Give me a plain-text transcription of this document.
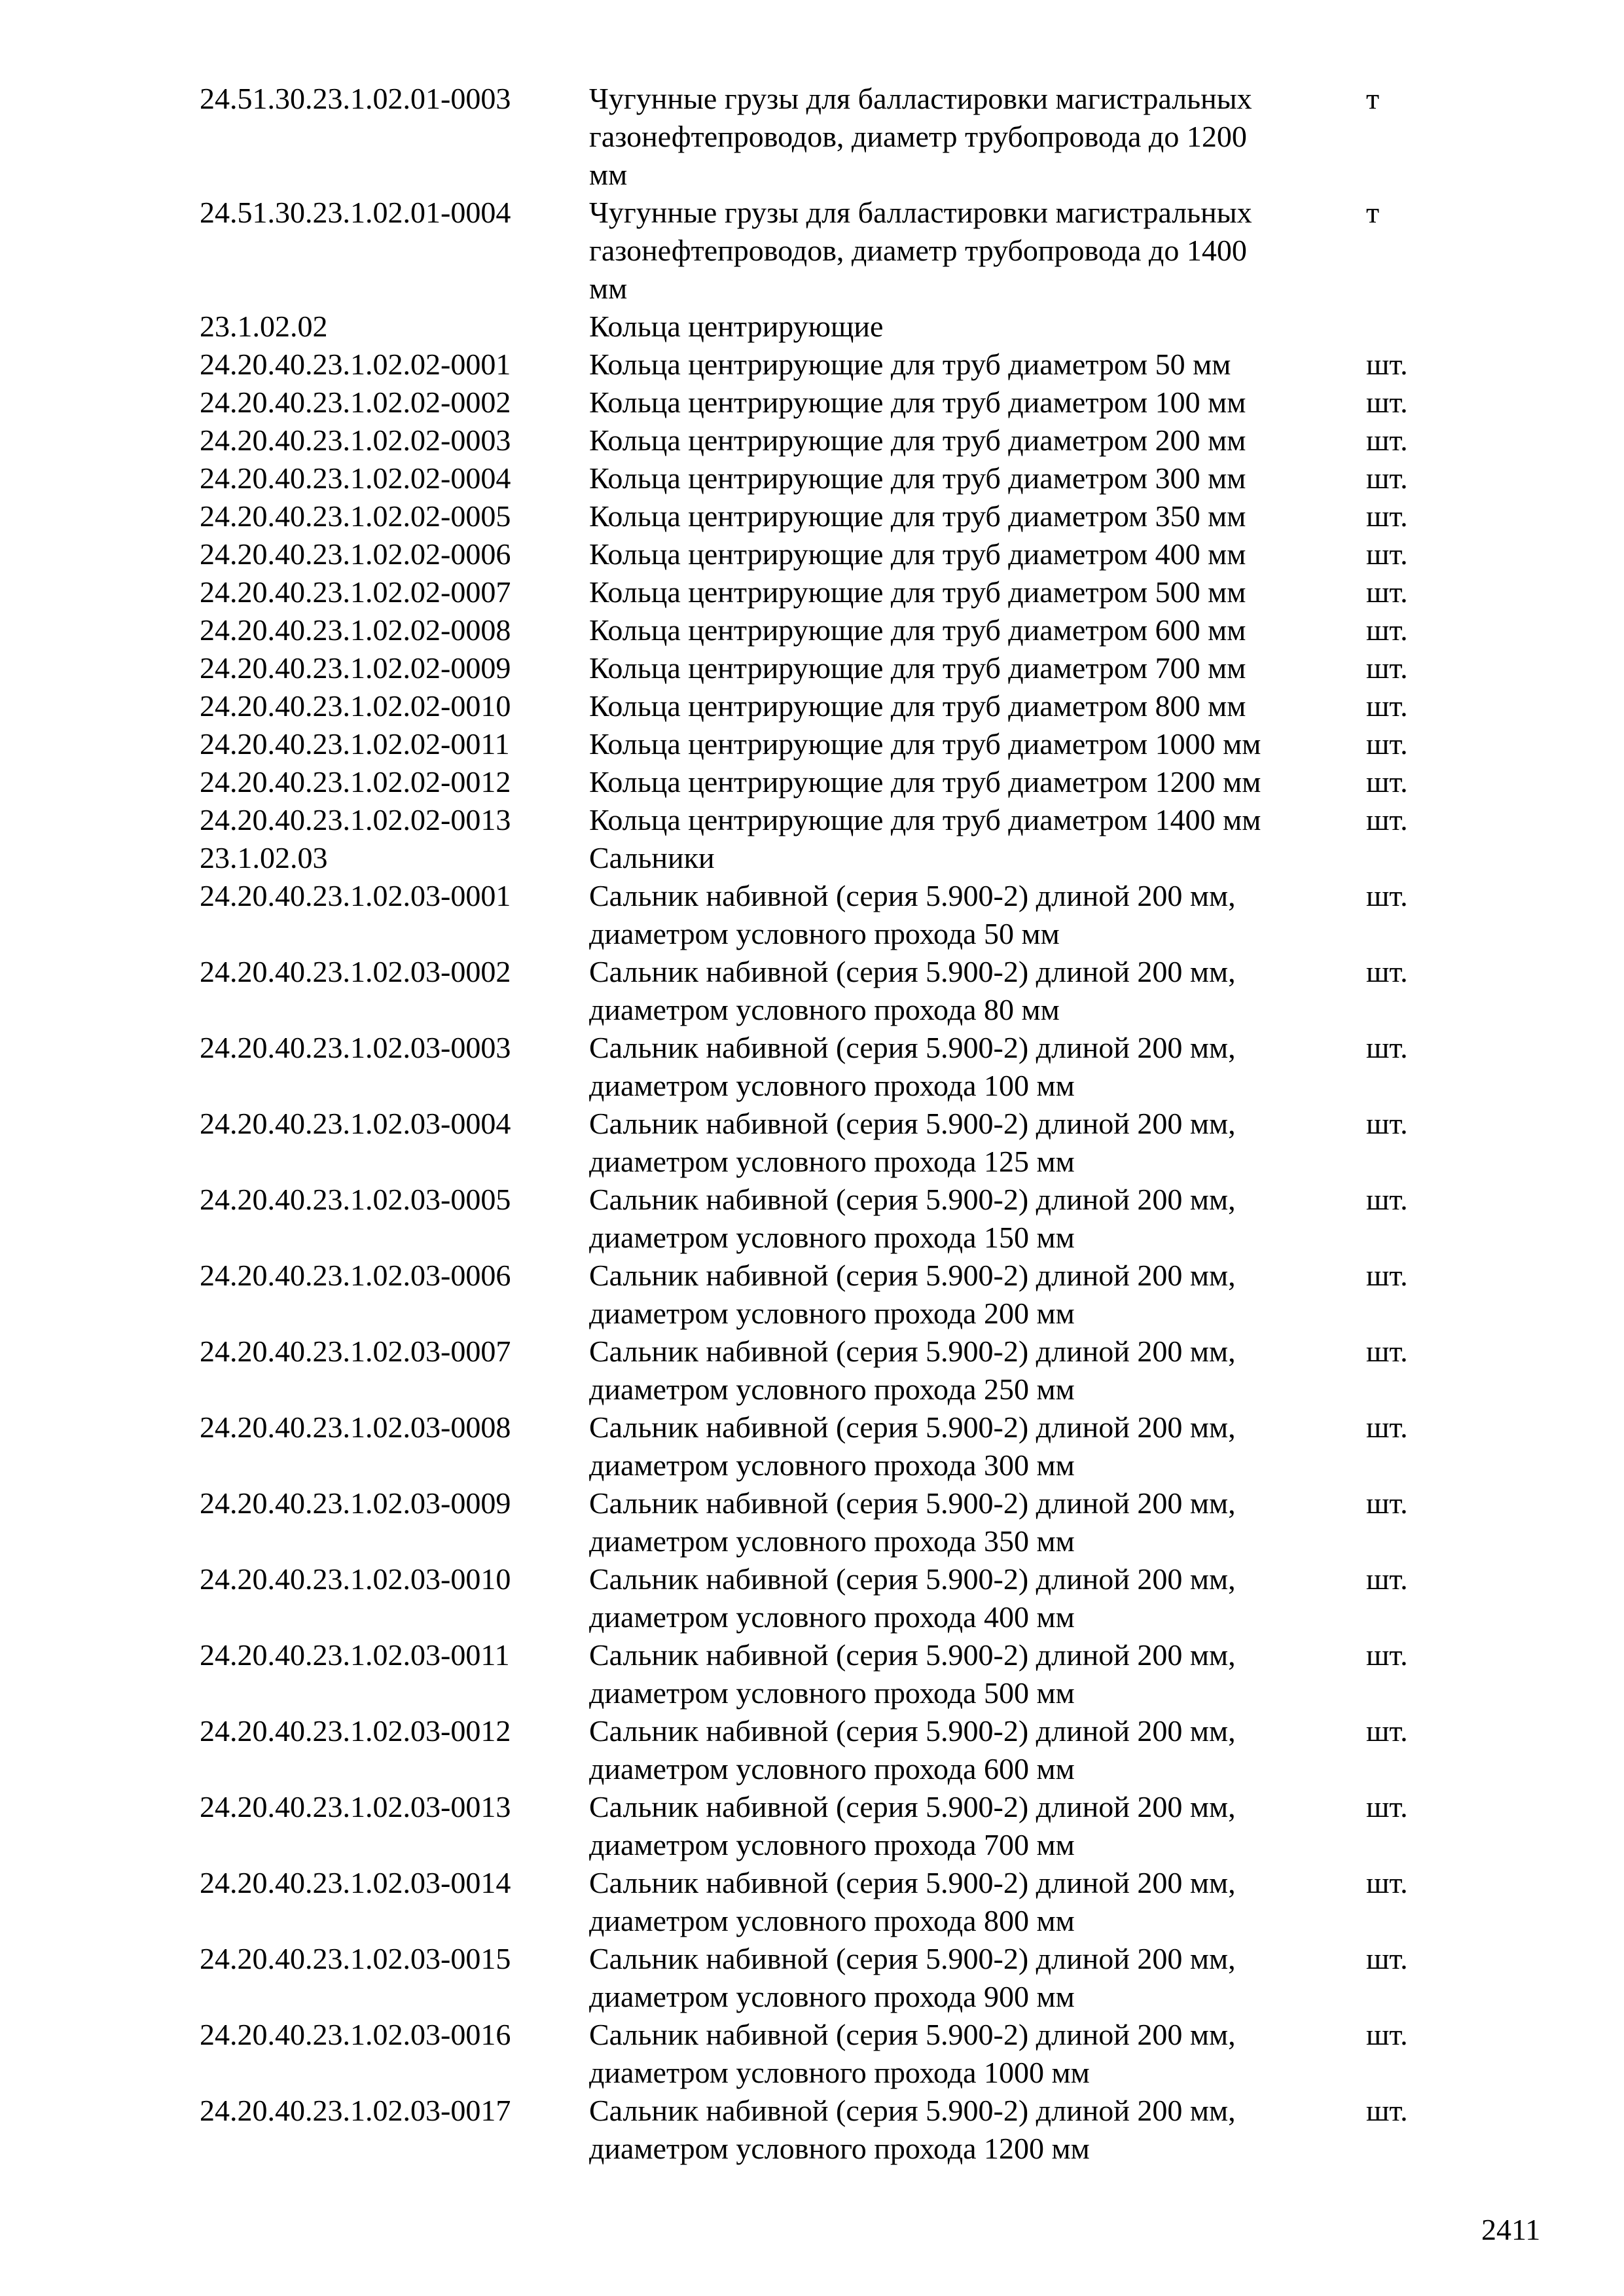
24.51.30.23.1.02.01-0003	Чугунные грузы для балластировки магистральных
газонефтепроводов, диаметр трубопровода до 1200
мм
т
24.51.30.23.1.02.01-0004	Чугунные грузы для балластировки магистральных
газонефтепроводов, диаметр трубопровода до 1400
мм
т
23.1.02.02	Кольца центрирующие
24.20.40.23.1.02.02-0001	Кольца центрирующие для труб диаметром 50 мм	шт.
24.20.40.23.1.02.02-0002	Кольца центрирующие для труб диаметром 100 мм	шт.
24.20.40.23.1.02.02-0003	Кольца центрирующие для труб диаметром 200 мм	шт.
24.20.40.23.1.02.02-0004	Кольца центрирующие для труб диаметром 300 мм	шт.
24.20.40.23.1.02.02-0005	Кольца центрирующие для труб диаметром 350 мм	шт.
24.20.40.23.1.02.02-0006	Кольца центрирующие для труб диаметром 400 мм	шт.
24.20.40.23.1.02.02-0007	Кольца центрирующие для труб диаметром 500 мм	шт.
24.20.40.23.1.02.02-0008	Кольца центрирующие для труб диаметром 600 мм	шт.
24.20.40.23.1.02.02-0009	Кольца центрирующие для труб диаметром 700 мм	шт.
24.20.40.23.1.02.02-0010	Кольца центрирующие для труб диаметром 800 мм	шт.
24.20.40.23.1.02.02-0011	Кольца центрирующие для труб диаметром 1000 мм	шт.
24.20.40.23.1.02.02-0012	Кольца центрирующие для труб диаметром 1200 мм	шт.
24.20.40.23.1.02.02-0013	Кольца центрирующие для труб диаметром 1400 мм	шт.
23.1.02.03	Сальники
24.20.40.23.1.02.03-0001	Сальник набивной (серия 5.900-2) длиной 200 мм,
диаметром условного прохода 50 мм
шт.
24.20.40.23.1.02.03-0002	Сальник набивной (серия 5.900-2) длиной 200 мм,
диаметром условного прохода 80 мм
шт.
24.20.40.23.1.02.03-0003	Сальник набивной (серия 5.900-2) длиной 200 мм,
диаметром условного прохода 100 мм
шт.
24.20.40.23.1.02.03-0004	Сальник набивной (серия 5.900-2) длиной 200 мм,
диаметром условного прохода 125 мм
шт.
24.20.40.23.1.02.03-0005	Сальник набивной (серия 5.900-2) длиной 200 мм,
диаметром условного прохода 150 мм
шт.
24.20.40.23.1.02.03-0006	Сальник набивной (серия 5.900-2) длиной 200 мм,
диаметром условного прохода 200 мм
шт.
24.20.40.23.1.02.03-0007	Сальник набивной (серия 5.900-2) длиной 200 мм,
диаметром условного прохода 250 мм
шт.
24.20.40.23.1.02.03-0008	Сальник набивной (серия 5.900-2) длиной 200 мм,
диаметром условного прохода 300 мм
шт.
24.20.40.23.1.02.03-0009	Сальник набивной (серия 5.900-2) длиной 200 мм,
диаметром условного прохода 350 мм
шт.
24.20.40.23.1.02.03-0010	Сальник набивной (серия 5.900-2) длиной 200 мм,
диаметром условного прохода 400 мм
шт.
24.20.40.23.1.02.03-0011	Сальник набивной (серия 5.900-2) длиной 200 мм,
диаметром условного прохода 500 мм
шт.
24.20.40.23.1.02.03-0012	Сальник набивной (серия 5.900-2) длиной 200 мм,
диаметром условного прохода 600 мм
шт.
24.20.40.23.1.02.03-0013	Сальник набивной (серия 5.900-2) длиной 200 мм,
диаметром условного прохода 700 мм
шт.
24.20.40.23.1.02.03-0014	Сальник набивной (серия 5.900-2) длиной 200 мм,
диаметром условного прохода 800 мм
шт.
24.20.40.23.1.02.03-0015	Сальник набивной (серия 5.900-2) длиной 200 мм,
диаметром условного прохода 900 мм
шт.
24.20.40.23.1.02.03-0016	Сальник набивной (серия 5.900-2) длиной 200 мм,
диаметром условного прохода 1000 мм
шт.
24.20.40.23.1.02.03-0017	Сальник набивной (серия 5.900-2) длиной 200 мм,
диаметром условного прохода 1200 мм
шт.
2411
